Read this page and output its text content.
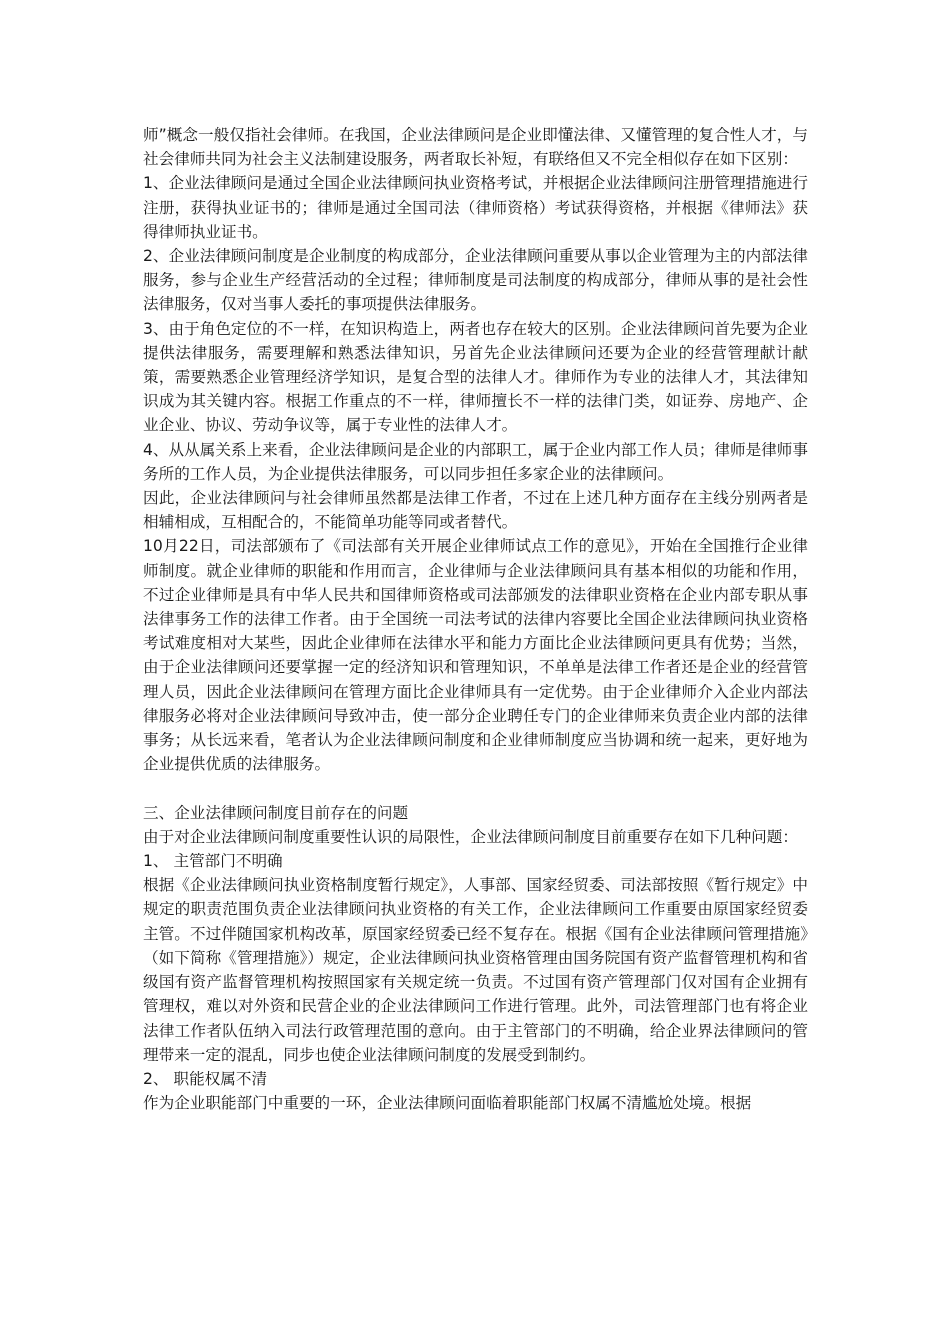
师”概念一般仅指社会律师。在我国，企业法律顾问是企业即懂法律、又懂管理的复合性人才，与社会律师共同为社会主义法制建设服务，两者取长补短，有联络但又不完全相似存在如下区别：

1、企业法律顾问是通过全国企业法律顾问执业资格考试，并根据企业法律顾问注册管理措施进行注册，获得执业证书的；律师是通过全国司法（律师资格）考试获得资格，并根据《律师法》获得律师执业证书。

2、企业法律顾问制度是企业制度的构成部分，企业法律顾问重要从事以企业管理为主的内部法律服务，参与企业生产经营活动的全过程；律师制度是司法制度的构成部分，律师从事的是社会性法律服务，仅对当事人委托的事项提供法律服务。

3、由于角色定位的不一样，在知识构造上，两者也存在较大的区别。企业法律顾问首先要为企业提供法律服务，需要理解和熟悉法律知识，另首先企业法律顾问还要为企业的经营管理献计献策，需要熟悉企业管理经济学知识，是复合型的法律人才。律师作为专业的法律人才，其法律知识成为其关键内容。根据工作重点的不一样，律师擅长不一样的法律门类，如证券、房地产、企业企业、协议、劳动争议等，属于专业性的法律人才。

4、从从属关系上来看，企业法律顾问是企业的内部职工，属于企业内部工作人员；律师是律师事务所的工作人员，为企业提供法律服务，可以同步担任多家企业的法律顾问。

因此，企业法律顾问与社会律师虽然都是法律工作者，不过在上述几种方面存在主线分别两者是相辅相成，互相配合的，不能简单功能等同或者替代。

10月22日，司法部颁布了《司法部有关开展企业律师试点工作的意见》，开始在全国推行企业律师制度。就企业律师的职能和作用而言，企业律师与企业法律顾问具有基本相似的功能和作用，不过企业律师是具有中华人民共和国律师资格或司法部颁发的法律职业资格在企业内部专职从事法律事务工作的法律工作者。由于全国统一司法考试的法律内容要比全国企业法律顾问执业资格考试难度相对大某些，因此企业律师在法律水平和能力方面比企业法律顾问更具有优势；当然，由于企业法律顾问还要掌握一定的经济知识和管理知识，不单单是法律工作者还是企业的经营管理人员，因此企业法律顾问在管理方面比企业律师具有一定优势。由于企业律师介入企业内部法律服务必将对企业法律顾问导致冲击，使一部分企业聘任专门的企业律师来负责企业内部的法律事务；从长远来看，笔者认为企业法律顾问制度和企业律师制度应当协调和统一起来，更好地为企业提供优质的法律服务。

三、企业法律顾问制度目前存在的问题

由于对企业法律顾问制度重要性认识的局限性，企业法律顾问制度目前重要存在如下几种问题：

1、 主管部门不明确

根据《企业法律顾问执业资格制度暂行规定》，人事部、国家经贸委、司法部按照《暂行规定》中规定的职责范围负责企业法律顾问执业资格的有关工作，企业法律顾问工作重要由原国家经贸委主管。不过伴随国家机构改革，原国家经贸委已经不复存在。根据《国有企业法律顾问管理措施》（如下简称《管理措施》）规定，企业法律顾问执业资格管理由国务院国有资产监督管理机构和省级国有资产监督管理机构按照国家有关规定统一负责。不过国有资产管理部门仅对国有企业拥有管理权，难以对外资和民营企业的企业法律顾问工作进行管理。此外，司法管理部门也有将企业法律工作者队伍纳入司法行政管理范围的意向。由于主管部门的不明确，给企业界法律顾问的管理带来一定的混乱，同步也使企业法律顾问制度的发展受到制约。

2、 职能权属不清

作为企业职能部门中重要的一环，企业法律顾问面临着职能部门权属不清尴尬处境。根据
